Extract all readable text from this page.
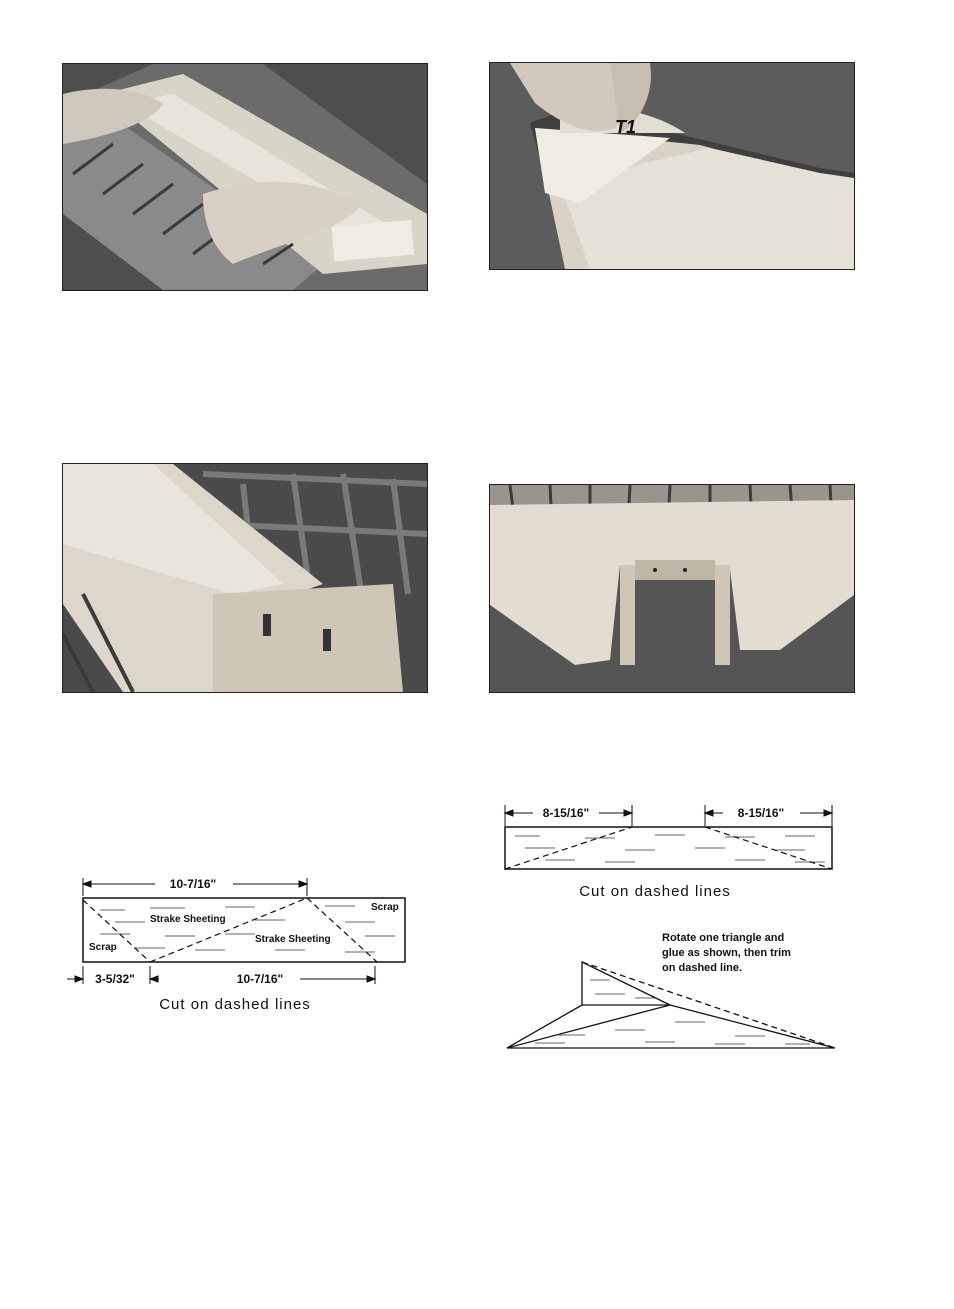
T1
10-7/16"
Strake Sheeting
Strake Sheeting
Scrap
Scrap
3-5/32"	10-7/16"
Cut on dashed lines
8-15/16"	8-15/16"
Cut on dashed lines
Rotate one triangle and
glue as shown, then trim
on dashed line.
